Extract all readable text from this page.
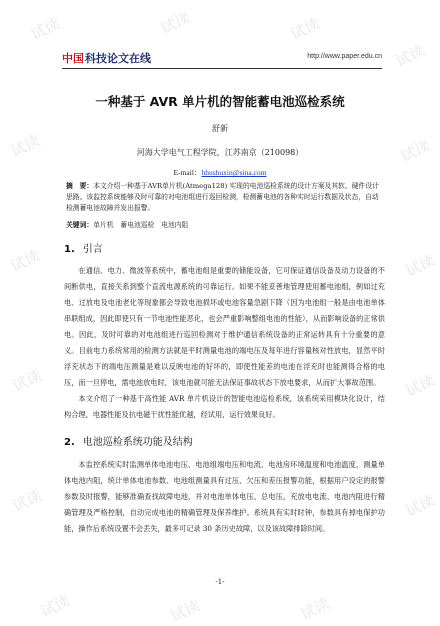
试读	试读	试读
试读
试读	试读
试读	试读
试读	试读
试读	试读
试读	试读	试读
中国 科技论文在线	http://www.paper.edu.cn
一种基于 AVR 单片机的智能蓄电池巡检系统
舒新
河海大学电气工程学院，江苏南京（210098）
E-mail：hhushuxin@sina.com
摘　要：本文介绍一种基于AVR单片机(Atmega128) 实现的电池巡检系统的设计方案及其软、硬件设计思路。该监控系统能够及时可靠的对电池组进行巡回检测，检测蓄电池的各种实时运行数据及状态，自动检测蓄电池故障并发出报警。
关键词：单片机　蓄电池巡检　电池内阻
1. 引言
在通信、电力、微波等系统中，蓄电池组是重要的储能设备，它可保证通信设备及动力设备的不间断供电，直接关系到整个直流电源系统的可靠运行。如果不能妥善地管理使用蓄电池组，例如过充电、过放电及电池老化等现象都会导致电池损坏或电池容量急剧下降（因为电池组一般是由电池单体串联组成，因此即使只有一节电池性能恶化，也会严重影响整组电池的性能），从而影响设备的正常供电。因此，及时可靠的对电池组进行巡回检测对于维护通信系统设备的正常运转具有十分重要的意义。目前电力系统常用的检测方法就是平时测量电池的端电压及每年进行容量核对性放电，显然平时浮充状态下的端电压测量是难以反映电池的好坏的，即使性能差的电池在浮充时也能测得合格的电压，而一旦停电，需电池放电时，该电池就可能无法保证事故状态下放电要求，从而扩大事故范围。
本文介绍了一种基于高性能 AVR 单片机设计的智能电池巡检系统，该系统采用模块化设计，结构合理，电器性能及抗电磁干扰性能优越，经试用，运行效果良好。
2. 电池巡检系统功能及结构
本监控系统实时监测单体电池电压、电池组端电压和电流、电池房环境温度和电池温度，测量单体电池内阻，统计单体电池参数、电池组测量具有过压、欠压和差压报警功能，根据用户设定的报警参数及时报警，能够准确查找故障电池，并对电池单体电压、总电压，充放电电流、电池内阻进行精确管理及严格控制，自动完成电池的精确管理及保养维护。系统具有实时时钟，参数具有掉电保护功能，操作后系统设置不会丢失，最多可记录 30 条历史故障，以及该故障排除时间。
-1-
